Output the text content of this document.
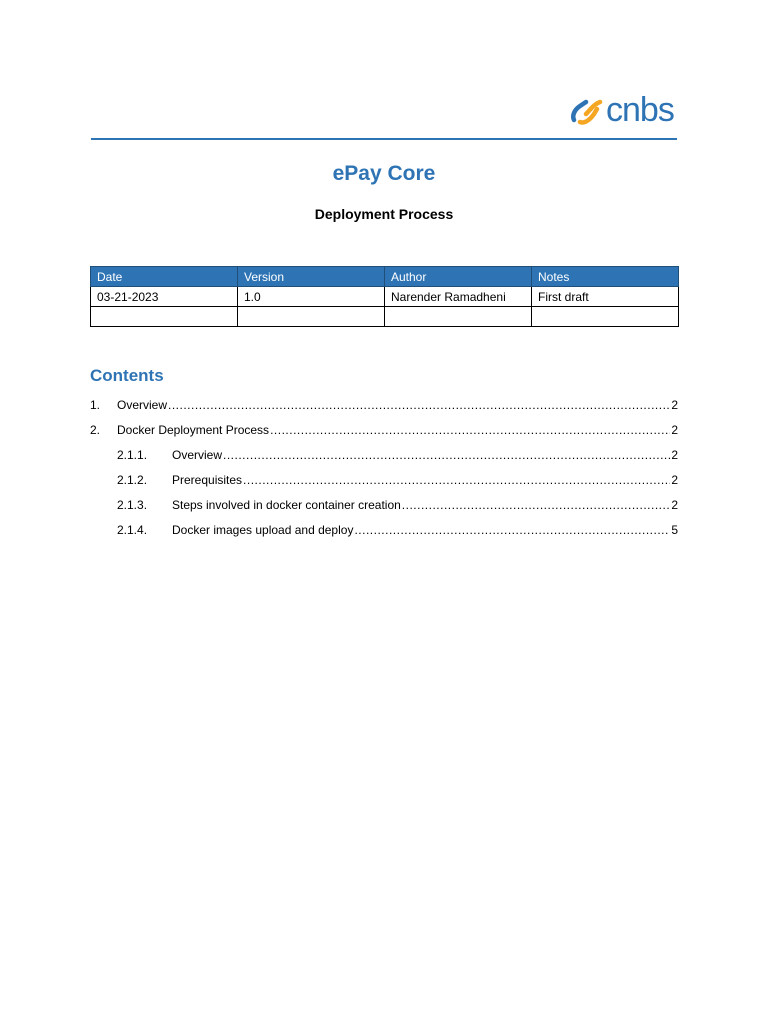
cnbs
ePay Core
Deployment Process
Date	Version	Author	Notes
03-21-2023	1.0	Narender Ramadheni	First draft

Contents
1.	Overview .....	2
2.	Docker Deployment Process .....	2
2.1.1.	Overview .....	2
2.1.2.	Prerequisites .....	2
2.1.3.	Steps involved in docker container creation .....	2
2.1.4.	Docker images upload and deploy .....	5
